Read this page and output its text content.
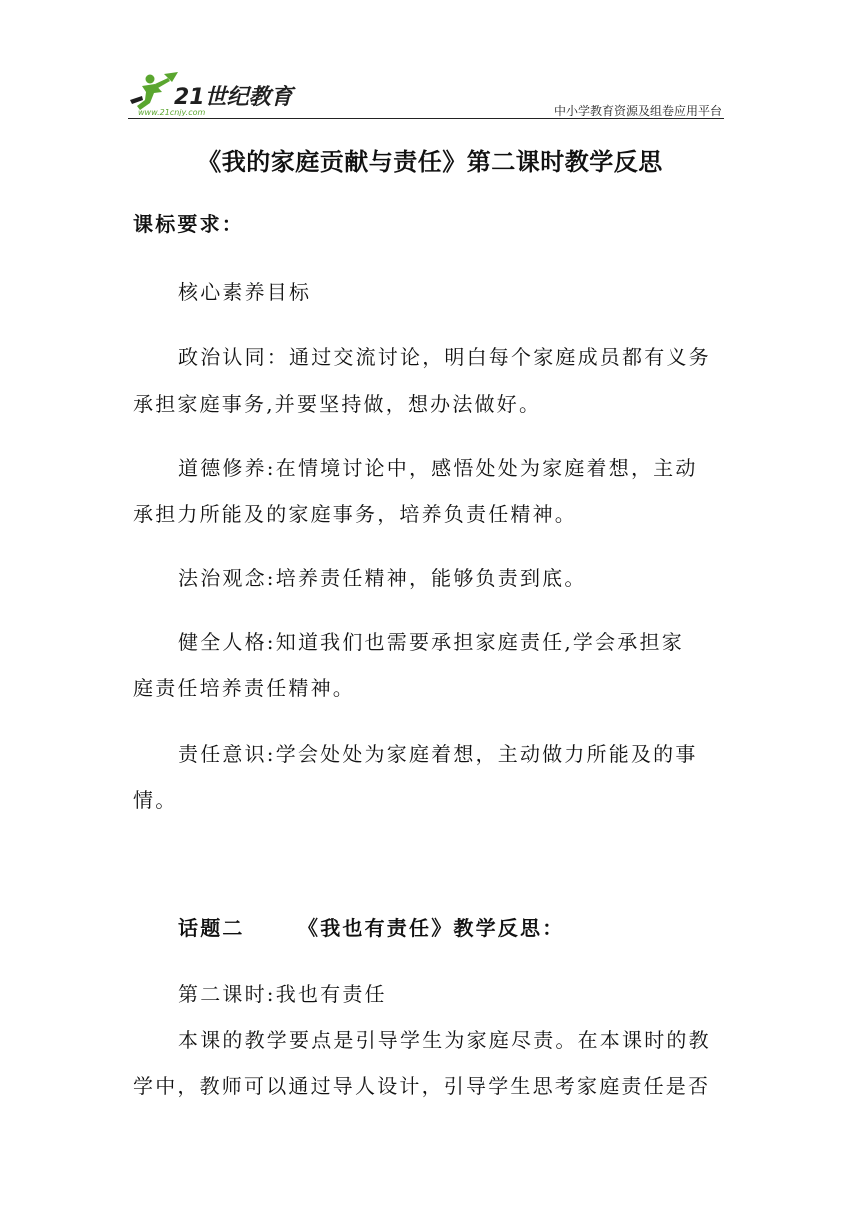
21世纪教育
www.21cnjy.com	中小学教育资源及组卷应用平台
《我的家庭贡献与责任》第二课时教学反思
课标要求：
核心素养目标
政治认同：通过交流讨论，明白每个家庭成员都有义务
承担家庭事务,并要坚持做，想办法做好。
道德修养:在情境讨论中，感悟处处为家庭着想，主动
承担力所能及的家庭事务，培养负责任精神。
法治观念:培养责任精神，能够负责到底。
健全人格:知道我们也需要承担家庭责任,学会承担家
庭责任培养责任精神。
责任意识:学会处处为家庭着想，主动做力所能及的事
情。
话题二	《我也有责任》教学反思：
第二课时:我也有责任
本课的教学要点是引导学生为家庭尽责。在本课时的教
学中，教师可以通过导人设计，引导学生思考家庭责任是否
